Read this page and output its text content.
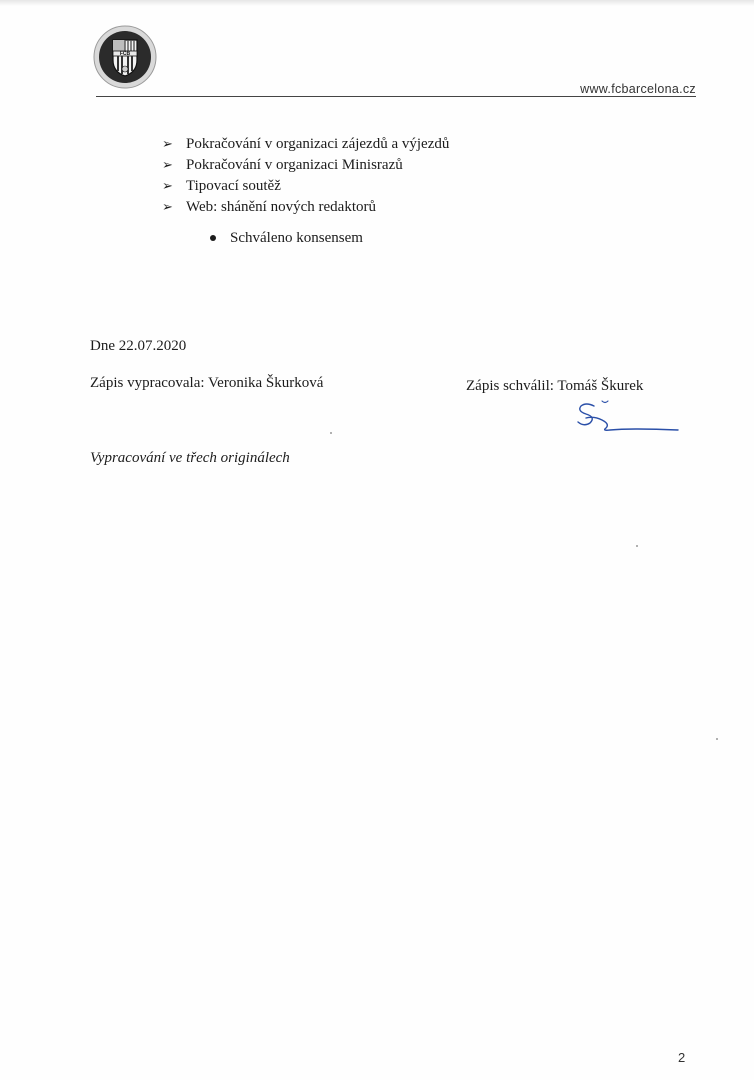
FCB
www.fcbarcelona.cz
➢ Pokračování v organizaci zájezdů a výjezdů
➢ Pokračování v organizaci Minisrazů
➢ Tipovací soutěž
➢ Web: shánění nových redaktorů
Schváleno konsensem
Dne 22.07.2020
Zápis vypracovala: Veronika Škurková	Zápis schválil: Tomáš Škurek
Vypracování ve třech originálech
2
